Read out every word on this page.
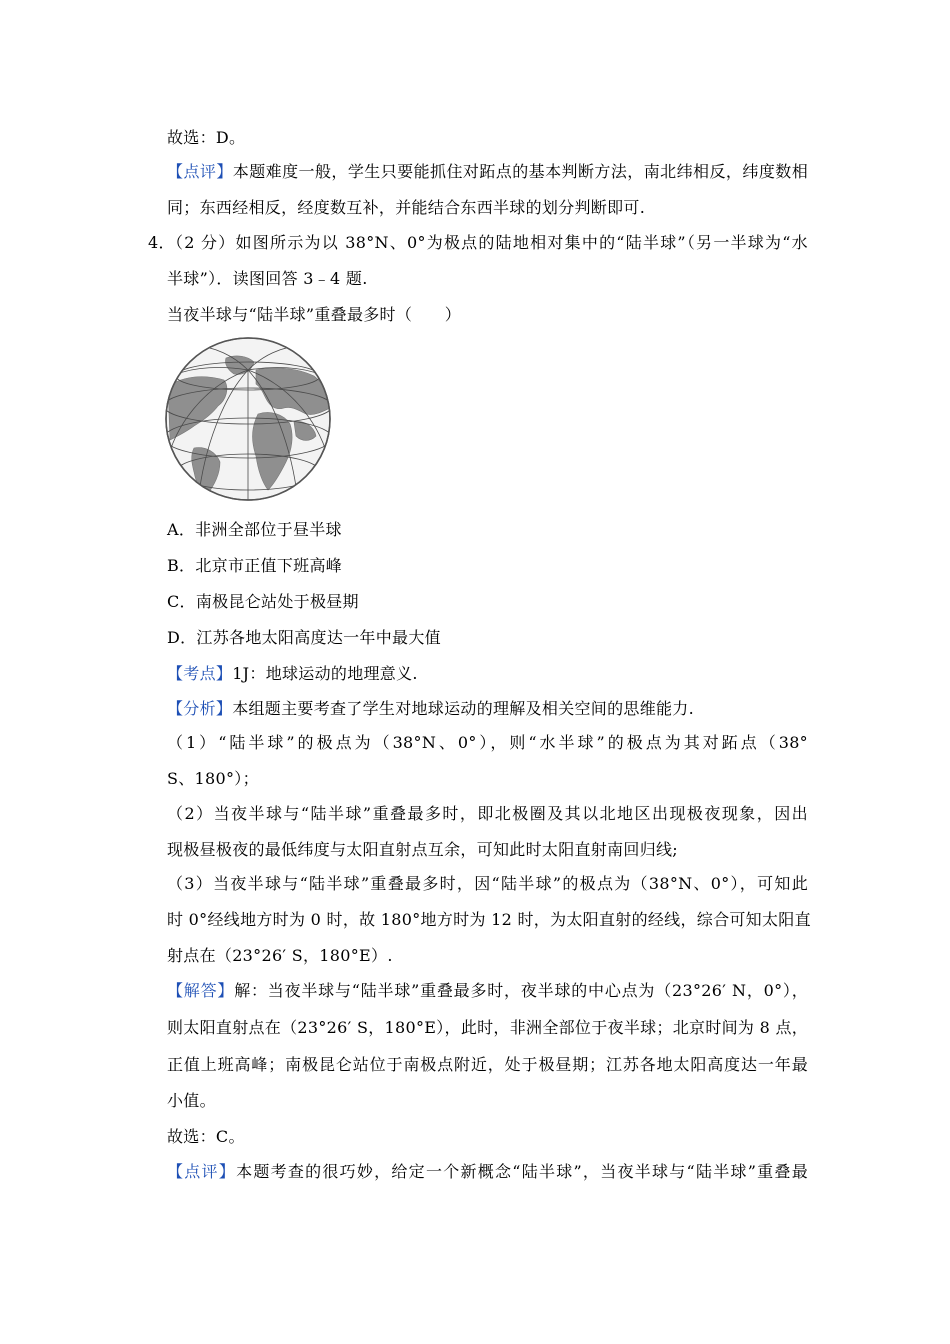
故选：D。
【点评】本题难度一般，学生只要能抓住对跖点的基本判断方法，南北纬相反，纬度数相
同；东西经相反，经度数互补，并能结合东西半球的划分判断即可.
4．
（2 分）如图所示为以 38°N、0°为极点的陆地相对集中的“陆半球”（另一半球为“水
半球”）．读图回答 3﹣4 题.
当夜半球与“陆半球”重叠最多时（　　）
A．非洲全部位于昼半球
B．北京市正值下班高峰
C．南极昆仑站处于极昼期
D．江苏各地太阳高度达一年中最大值
【考点】1J：地球运动的地理意义.
【分析】本组题主要考查了学生对地球运动的理解及相关空间的思维能力.
（1）“陆半球”的极点为（38°N、0°），则“水半球”的极点为其对跖点（38°
S、180°）；
（2）当夜半球与“陆半球”重叠最多时，即北极圈及其以北地区出现极夜现象，因出
现极昼极夜的最低纬度与太阳直射点互余，可知此时太阳直射南回归线;
（3）当夜半球与“陆半球”重叠最多时，因“陆半球”的极点为（38°N、0°），可知此
时 0°经线地方时为 0 时，故 180°地方时为 12 时，为太阳直射的经线，综合可知太阳直
射点在（23°26′ S，180°E）.
【解答】解：当夜半球与“陆半球”重叠最多时，夜半球的中心点为（23°26′ N，0°），
则太阳直射点在（23°26′ S，180°E），此时，非洲全部位于夜半球；北京时间为 8 点，
正值上班高峰；南极昆仑站位于南极点附近，处于极昼期；江苏各地太阳高度达一年最
小值。
故选：C。
【点评】本题考查的很巧妙，给定一个新概念“陆半球”，当夜半球与“陆半球”重叠最
